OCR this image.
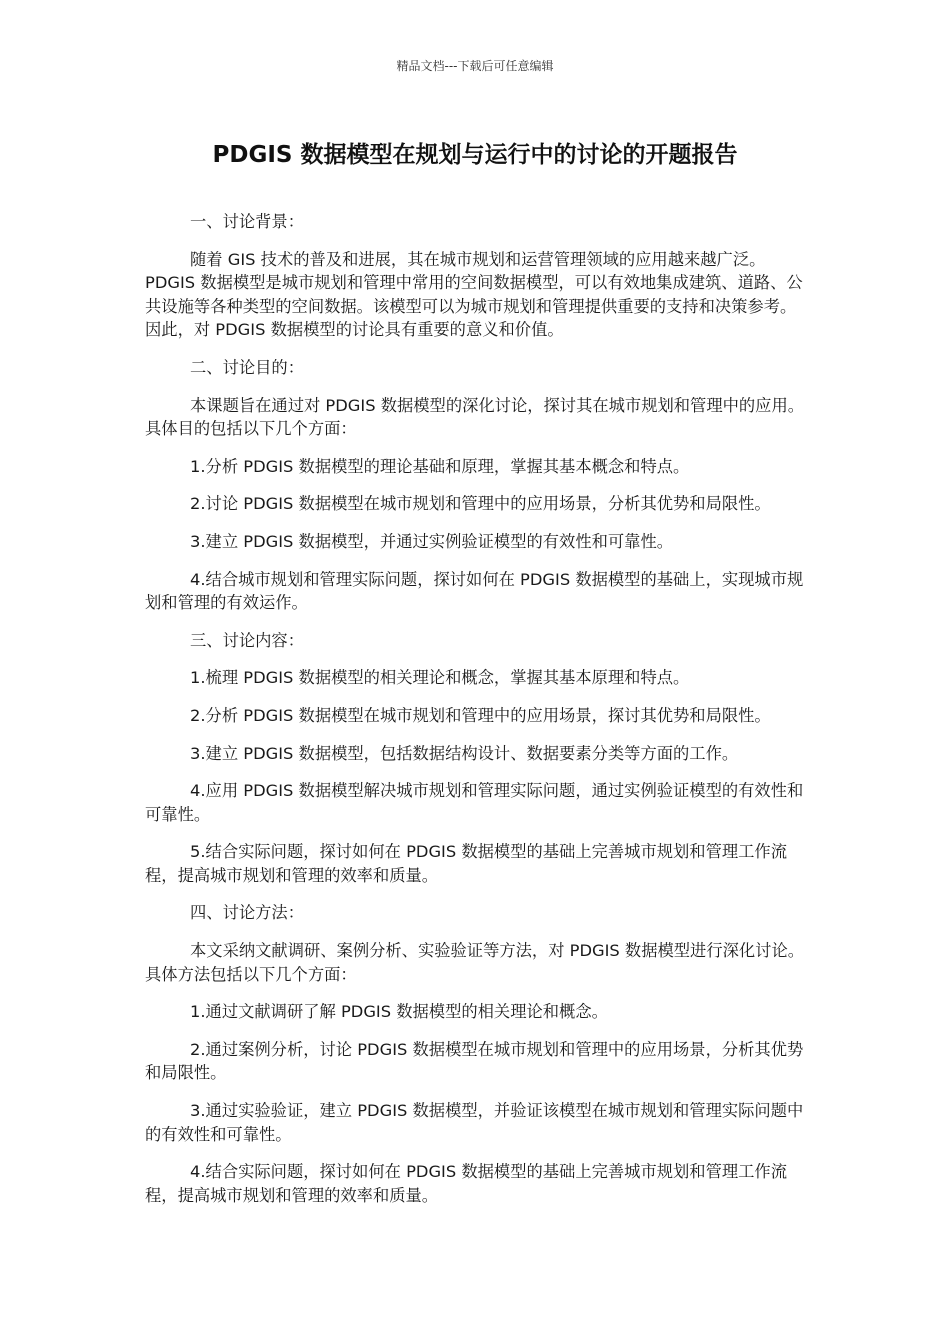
精品文档---下载后可任意编辑
PDGIS 数据模型在规划与运行中的讨论的开题报告

一、讨论背景：

随着 GIS 技术的普及和进展，其在城市规划和运营管理领域的应用越来越广泛。PDGIS 数据模型是城市规划和管理中常用的空间数据模型，可以有效地集成建筑、道路、公共设施等各种类型的空间数据。该模型可以为城市规划和管理提供重要的支持和决策参考。因此，对 PDGIS 数据模型的讨论具有重要的意义和价值。

二、讨论目的：

本课题旨在通过对 PDGIS 数据模型的深化讨论，探讨其在城市规划和管理中的应用。具体目的包括以下几个方面：

1.分析 PDGIS 数据模型的理论基础和原理，掌握其基本概念和特点。

2.讨论 PDGIS 数据模型在城市规划和管理中的应用场景，分析其优势和局限性。

3.建立 PDGIS 数据模型，并通过实例验证模型的有效性和可靠性。

4.结合城市规划和管理实际问题，探讨如何在 PDGIS 数据模型的基础上，实现城市规划和管理的有效运作。

三、讨论内容：

1.梳理 PDGIS 数据模型的相关理论和概念，掌握其基本原理和特点。

2.分析 PDGIS 数据模型在城市规划和管理中的应用场景，探讨其优势和局限性。

3.建立 PDGIS 数据模型，包括数据结构设计、数据要素分类等方面的工作。

4.应用 PDGIS 数据模型解决城市规划和管理实际问题，通过实例验证模型的有效性和可靠性。

5.结合实际问题，探讨如何在 PDGIS 数据模型的基础上完善城市规划和管理工作流程，提高城市规划和管理的效率和质量。

四、讨论方法：

本文采纳文献调研、案例分析、实验验证等方法，对 PDGIS 数据模型进行深化讨论。具体方法包括以下几个方面：

1.通过文献调研了解 PDGIS 数据模型的相关理论和概念。

2.通过案例分析，讨论 PDGIS 数据模型在城市规划和管理中的应用场景，分析其优势和局限性。

3.通过实验验证，建立 PDGIS 数据模型，并验证该模型在城市规划和管理实际问题中的有效性和可靠性。

4.结合实际问题，探讨如何在 PDGIS 数据模型的基础上完善城市规划和管理工作流程，提高城市规划和管理的效率和质量。
